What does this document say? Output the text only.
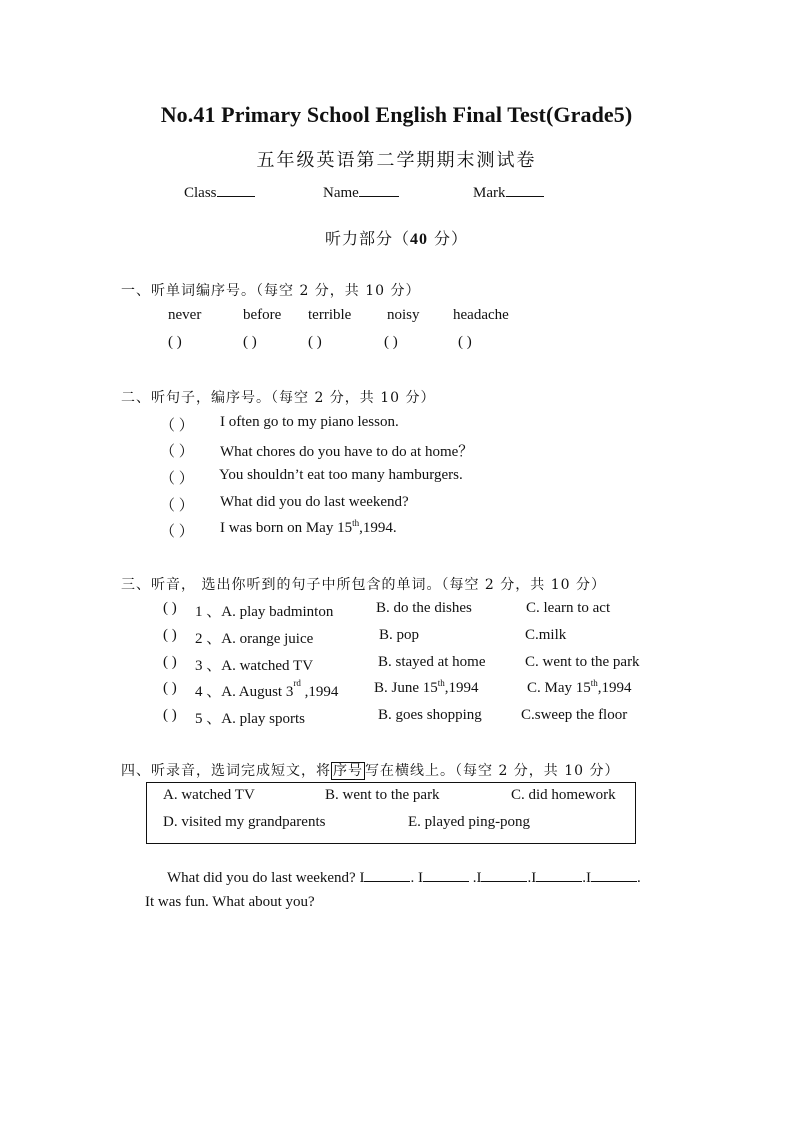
No.41 Primary School English Final Test(Grade5)
五年级英语第二学期期末测试卷
Class	Name	Mark
听力部分（40 分）
一、听单词编序号。（每空 2 分，共 10 分）
never	before terrible noisy headache
( )	( )	( )	( )	( )
二、听句子，编序号。（每空 2 分，共 10 分）
（ ） I often go to my piano lesson.
（ ） What chores do you have to do at home？
（ ） You shouldn’t eat too many hamburgers.
（ ） What did you do last weekend?
（ ） I was born on May 15th,1994.
三、听音， 选出你听到的句子中所包含的单词。（每空 2 分，共 10 分）
( ) 1 、A. play badminton	B. do the dishes	C. learn to act
( ) 2 、A. orange juice	B. pop	C.milk
( ) 3 、A. watched TV	B. stayed at home	C. went to the park
( ) 4 、A. August 3rd ,1994 B. June 15th,1994	C. May 15th,1994
( ) 5 、A. play sports	B. goes shopping	C.sweep the floor
四、听录音，选词完成短文，将 序号 写在横线上。（每空 2 分，共 10 分）
A. watched TV	B. went to the park	C. did homework
D. visited my grandparents	E. played ping-pong
What did you do last weekend? I	. I	.I	.I	.I	.
It was fun. What about you?
